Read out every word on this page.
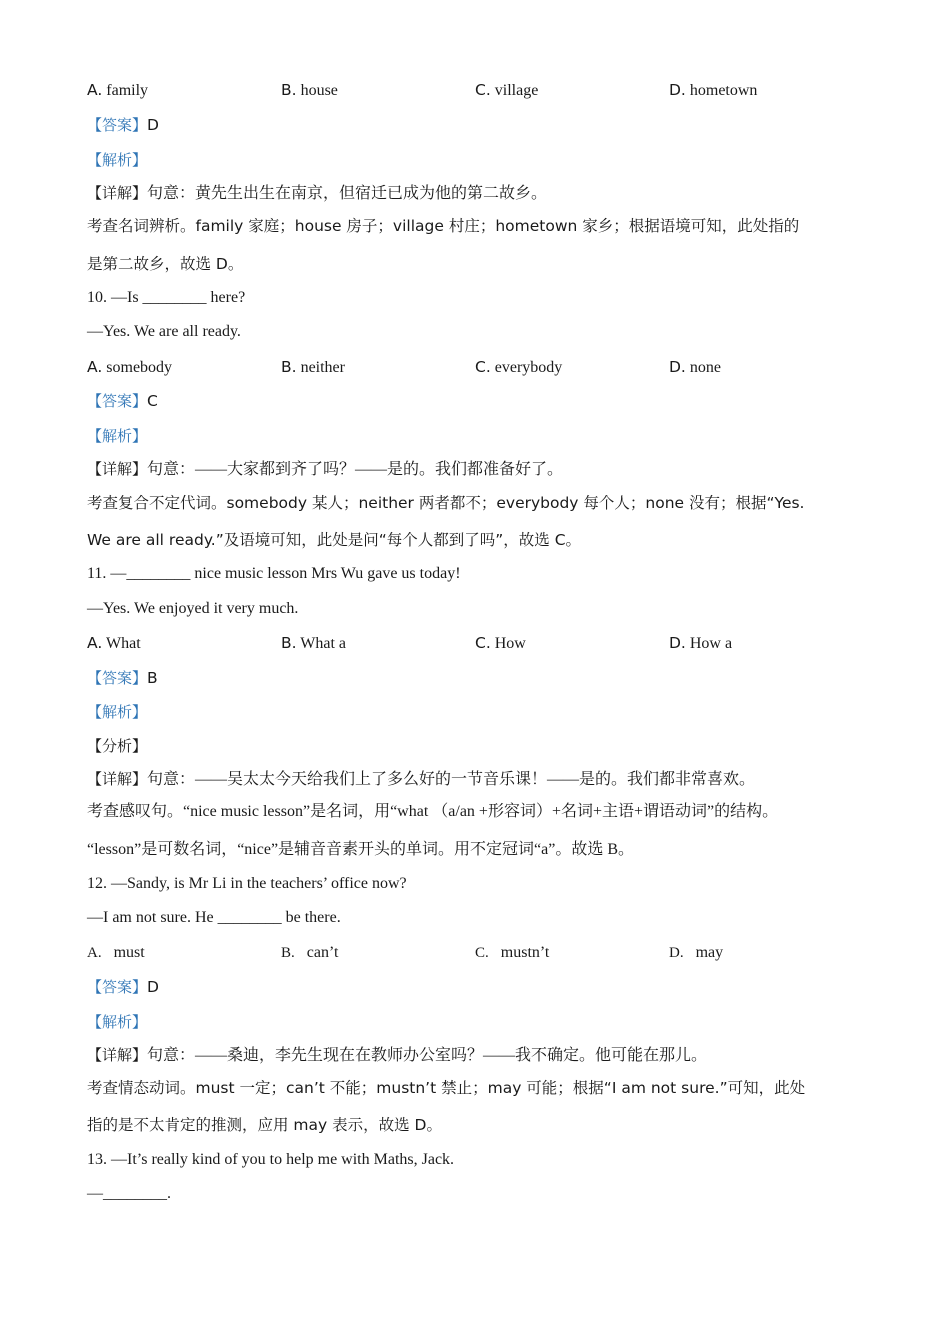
A. family	B. house	C. village	D. hometown
【答案】D
【解析】
【详解】句意：黄先生出生在南京，但宿迁已成为他的第二故乡。
考查名词辨析。family 家庭；house 房子；village 村庄；hometown 家乡；根据语境可知，此处指的
是第二故乡，故选 D。
10. —Is ________ here?
—Yes. We are all ready.
A. somebody	B. neither	C. everybody	D. none
【答案】C
【解析】
【详解】句意：——大家都到齐了吗？——是的。我们都准备好了。
考查复合不定代词。somebody 某人；neither 两者都不；everybody 每个人；none 没有；根据“Yes.
We are all ready.”及语境可知，此处是问“每个人都到了吗”，故选 C。
11. —________ nice music lesson Mrs Wu gave us today!
—Yes. We enjoyed it very much.
A. What	B. What a	C. How	D. How a
【答案】B
【解析】
【分析】
【详解】句意：——吴太太今天给我们上了多么好的一节音乐课！——是的。我们都非常喜欢。
考查感叹句。“nice music lesson”是名词，用“what （a/an +形容词）+名词+主语+谓语动词”的结构。
“lesson”是可数名词，“nice”是辅音音素开头的单词。用不定冠词“a”。故选 B。
12. —Sandy, is Mr Li in the teachers’ office now?
—I am not sure. He ________ be there.
A. must	B. can’t	C. mustn’t	D. may
【答案】D
【解析】
【详解】句意：——桑迪，李先生现在在教师办公室吗？——我不确定。他可能在那儿。
考查情态动词。must 一定；can’t 不能；mustn’t 禁止；may 可能；根据“I am not sure.”可知，此处
指的是不太肯定的推测，应用 may 表示，故选 D。
13. —It’s really kind of you to help me with Maths, Jack.
—________.
